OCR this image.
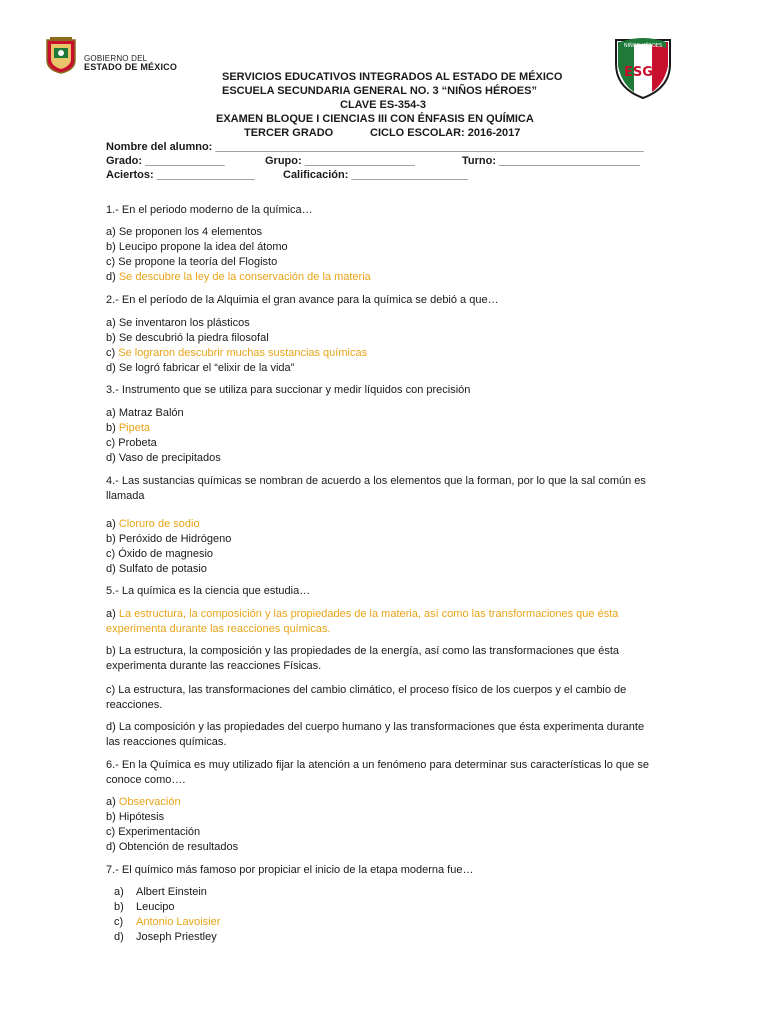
GOBIERNO DEL
ESTADO DE MÉXICO
NIÑOS HÉROES
ESG3
SERVICIOS EDUCATIVOS INTEGRADOS AL ESTADO DE MÉXICO
ESCUELA SECUNDARIA GENERAL NO. 3 “NIÑOS HÉROES”
CLAVE ES-354-3
EXAMEN BLOQUE I CIENCIAS III CON ÉNFASIS EN QUÍMICA
TERCER GRADO	CICLO ESCOLAR: 2016-2017
Nombre del alumno: ______________________________________________________________________
Grado: _____________	Grupo: __________________	Turno: _______________________
Aciertos: ________________	Calificación: ___________________
1.- En el periodo moderno de la química…
a) Se proponen los 4 elementos
b) Leucipo propone la idea del átomo
c) Se propone la teoría del Flogisto
d) Se descubre la ley de la conservación de la materia
2.- En el período de la Alquimia el gran avance para la química se debió a que…
a) Se inventaron los plásticos
b) Se descubrió la piedra filosofal
c) Se lograron descubrir muchas sustancias químicas
d) Se logró fabricar el “elixir de la vida”
3.- Instrumento que se utiliza para succionar y medir líquidos con precisión
a) Matraz Balón
b) Pipeta
c) Probeta
d) Vaso de precipitados
4.- Las sustancias químicas se nombran de acuerdo a los elementos que la forman, por lo que la sal común es llamada
a) Cloruro de sodio
b) Peróxido de Hidrógeno
c) Óxido de magnesio
d) Sulfato de potasio
5.- La química es la ciencia que estudia…
a) La estructura, la composición y las propiedades de la materia, así como las transformaciones que ésta experimenta durante las reacciones químicas.
b) La estructura, la composición y las propiedades de la energía, así como las transformaciones que ésta experimenta durante las reacciones Físicas.
c) La estructura, las transformaciones del cambio climático, el proceso físico de los cuerpos y el cambio de reacciones.
d) La composición y las propiedades del cuerpo humano y las transformaciones que ésta experimenta durante las reacciones químicas.
6.- En la Química es muy utilizado fijar la atención a un fenómeno para determinar sus características lo que se conoce como….
a) Observación
b) Hipótesis
c) Experimentación
d) Obtención de resultados
7.- El químico más famoso por propiciar el inicio de la etapa moderna fue…
a) Albert Einstein
b) Leucipo
c) Antonio Lavoisier
d) Joseph Priestley
